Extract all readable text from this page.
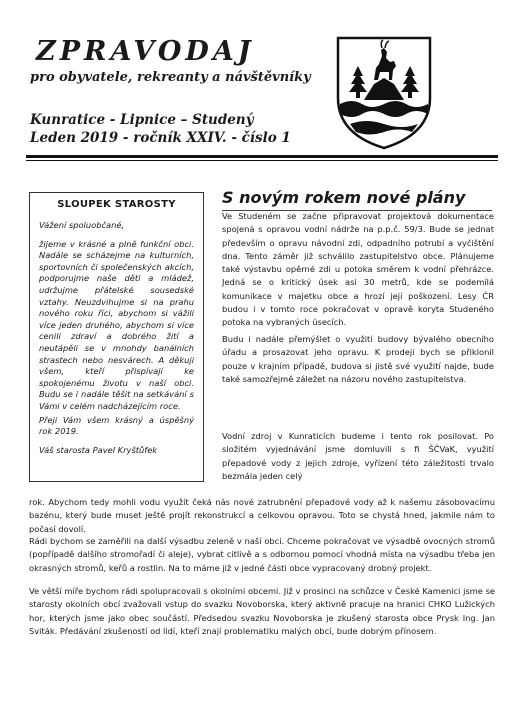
ZPRAVODAJ

pro obyvatele, rekreanty a návštěvníky

Kunratice - Lipnice – Studený

Leden 2019 - ročník XXIV. - číslo 1

SLOUPEK STAROSTY

Vážení spoluobčané,

žijeme v krásné a plně funkční obci. Nadále se scházejme na kulturních, sportovních či společenských akcích, podporujme naše děti a mládež, udržujme přátelské sousedské vztahy. Neuzdvihujme si na prahu nového roku říci, abychom si vážili více jeden druhého, abychom si více cenili zdraví a dobrého žití a neutápěli se v mnohdy banálních strastech nebo nesvárech. A děkuji všem, kteří přispívají ke spokojenému životu v naší obci. Budu se i nadále těšit na setkávání s Vámi v celém nadcházejícím roce.

Přeji Vám všem krásný a úspěšný rok 2019.

Váš starosta Pavel Kryštůfek

S novým rokem nové plány

Ve Studeném se začne připravovat projektová dokumentace spojená s opravou vodní nádrže na p.p.č. 59/3. Bude se jednat především o opravu návodní zdi, odpadního potrubí a vyčištění dna. Tento záměr již schválilo zastupitelstvo obce. Plánujeme také výstavbu opěrné zdi u potoka směrem k vodní přehrázce. Jedná se o kritický úsek asi 30 metrů, kde se podemílá komunikace v majetku obce a hrozí její poškození. Lesy ČR budou i v tomto roce pokračovat v opravě koryta Studeného potoka na vybraných úsecích.

Budu i nadále přemýšlet o využití budovy bývalého obecního úřadu a prosazovat jeho opravu. K prodeji bych se přiklonil pouze v krajním případě, budova si jistě své využití najde, bude také samozřejmě záležet na názoru nového zastupitelstva.

Vodní zdroj v Kunraticích budeme i tento rok posilovat. Po složitém vyjednávání jsme domluvili s fi ŠČVaK, využití přepadové vody z jejich zdroje, vyřízení této záležitosti trvalo bezmála jeden celý

rok. Abychom tedy mohli vodu využít čeká nás nové zatrubnění přepadové vody až k našemu zásobovacímu bazénu, který bude muset ještě projít rekonstrukcí a celkovou opravou. Toto se chystá hned, jakmile nám to počasí dovolí.

Rádi bychom se zaměřili na další výsadbu zeleně v naší obci. Chceme pokračovat ve výsadbě ovocných stromů (popřípadě dalšího stromořadí či aleje), vybrat citlivě a s odbornou pomocí vhodná místa na výsadbu třeba jen okrasných stromů, keřů a rostlin. Na to máme již v jedné části obce vypracovaný drobný projekt.

Ve větší míře bychom rádi spolupracovali s okolními obcemi. Již v prosinci na schůzce v České Kamenici jsme se starosty okolních obcí zvažovali vstup do svazku Novoborska, který aktivně pracuje na hranici CHKO Lužických hor, kterých jsme jako obec součástí. Předsedou svazku Novoborska je zkušený starosta obce Prysk Ing. Jan Sviták. Předávání zkušeností od lidí, kteří znají problematiku malých obcí, bude dobrým přínosem.
